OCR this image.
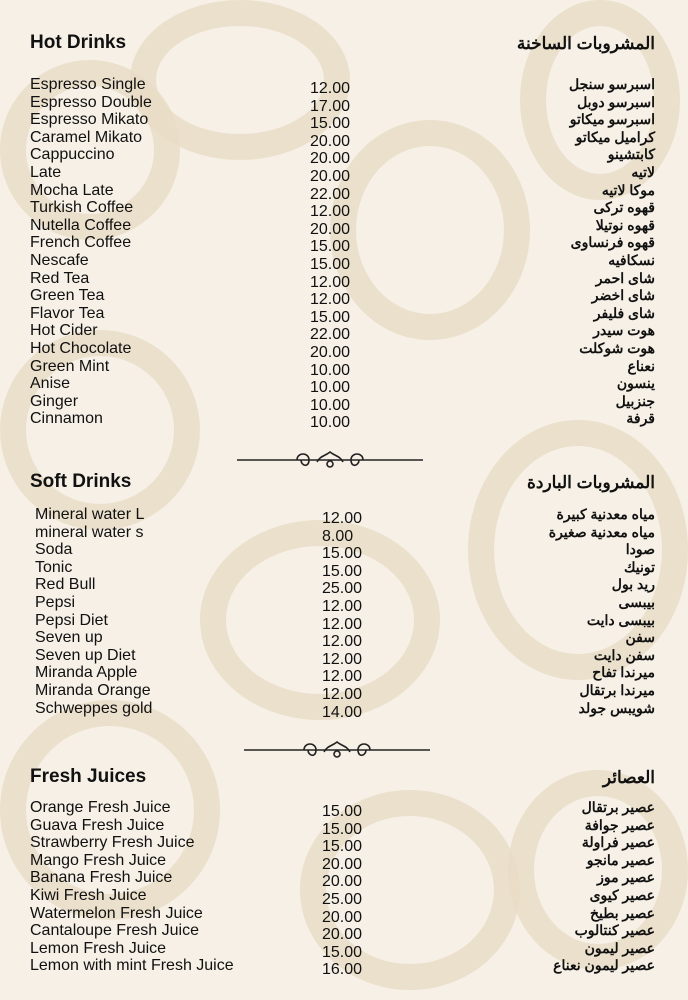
Hot Drinks	المشروبات الساخنة
Espresso Single	12.00	اسبرسو سنجل
Espresso Double	17.00	اسبرسو دوبل
Espresso Mikato	15.00	اسبرسو ميكاتو
Caramel Mikato	20.00	كراميل ميكاتو
Cappuccino	20.00	كابتشينو
Late	20.00	لاتيه
Mocha Late	22.00	موكا لاتيه
Turkish Coffee	12.00	قهوه تركى
Nutella Coffee	20.00	قهوه نوتيلا
French Coffee	15.00	قهوه فرنساوى
Nescafe	15.00	نسكافيه
Red Tea	12.00	شاى احمر
Green Tea	12.00	شاى اخضر
Flavor Tea	15.00	شاى فليفر
Hot Cider	22.00	هوت سيدر
Hot Chocolate	20.00	هوت شوكلت
Green Mint	10.00	نعناع
Anise	10.00	ينسون
Ginger	10.00	جنزبيل
Cinnamon	10.00	قرفة
Soft Drinks	المشروبات الباردة
Mineral water L	12.00	مياه معدنية كبيرة
mineral water s	8.00	مياه معدنية صغيرة
Soda	15.00	صودا
Tonic	15.00	تونيك
Red Bull	25.00	ريد بول
Pepsi	12.00	بيبسى
Pepsi Diet	12.00	بيبسى دايت
Seven up	12.00	سفن
Seven up Diet	12.00	سفن دايت
Miranda Apple	12.00	ميرندا تفاح
Miranda Orange	12.00	ميرندا برتقال
Schweppes gold	14.00	شويبس جولد
Fresh Juices	العصائر
Orange Fresh Juice	15.00	عصير برتقال
Guava Fresh Juice	15.00	عصير جوافة
Strawberry Fresh Juice	15.00	عصير فراولة
Mango Fresh Juice	20.00	عصير مانجو
Banana Fresh Juice	20.00	عصير موز
Kiwi Fresh Juice	25.00	عصير كيوى
Watermelon Fresh Juice	20.00	عصير بطيخ
Cantaloupe Fresh Juice	20.00	عصير كنتالوب
Lemon Fresh Juice	15.00	عصير ليمون
Lemon with mint Fresh Juice	16.00	عصير ليمون نعناع
